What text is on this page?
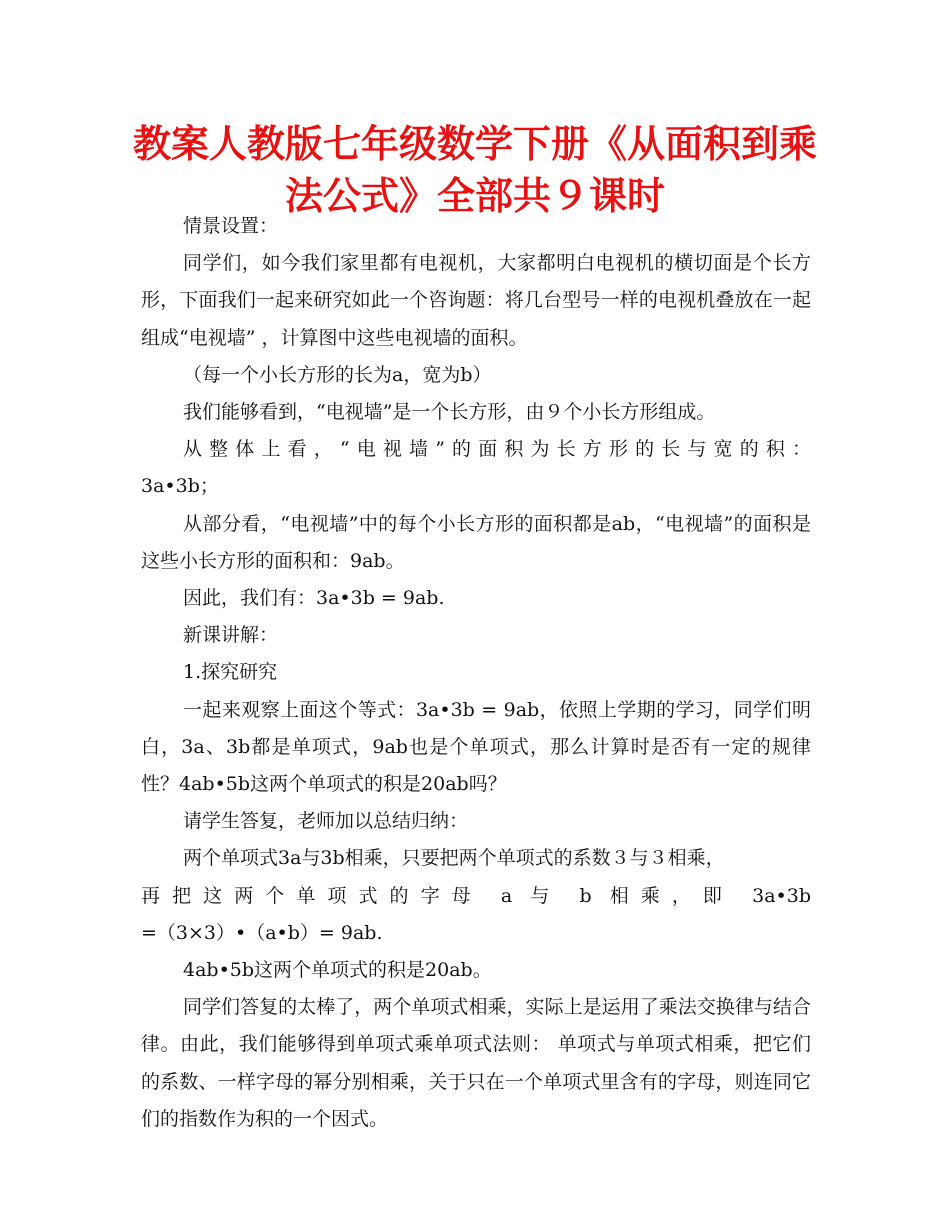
教案人教版七年级数学下册《从面积到乘法公式》全部共９课时

情景设置：

同学们，如今我们家里都有电视机，大家都明白电视机的横切面是个长方形，下面我们一起来研究如此一个咨询题：将几台型号一样的电视机叠放在一起组成“电视墙” ，计算图中这些电视墙的面积。

（每一个小长方形的长为a，宽为b）

我们能够看到，“电视墙”是一个长方形，由９个小长方形组成。

从整体上看，“电视墙”的面积为长方形的长与宽的积：

3a•3b；

从部分看，“电视墙”中的每个小长方形的面积都是ab，“电视墙”的面积是这些小长方形的面积和：9ab。

因此，我们有：3a•3b = 9ab.

新课讲解：

1.探究研究

一起来观察上面这个等式：3a•3b = 9ab，依照上学期的学习，同学们明白，3a、3b都是单项式，9ab也是个单项式，那么计算时是否有一定的规律性？4ab•5b这两个单项式的积是20ab吗？

请学生答复，老师加以总结归纳：

两个单项式3a与3b相乘，只要把两个单项式的系数３与３相乘，

再把这两个单项式的字母 a 与 b 相乘，即 3a•3b

=（3×3）•（a•b）= 9ab.

4ab•5b这两个单项式的积是20ab。

同学们答复的太棒了，两个单项式相乘，实际上是运用了乘法交换律与结合律。由此，我们能够得到单项式乘单项式法则： 单项式与单项式相乘，把它们的系数、一样字母的幂分别相乘，关于只在一个单项式里含有的字母，则连同它们的指数作为积的一个因式。
